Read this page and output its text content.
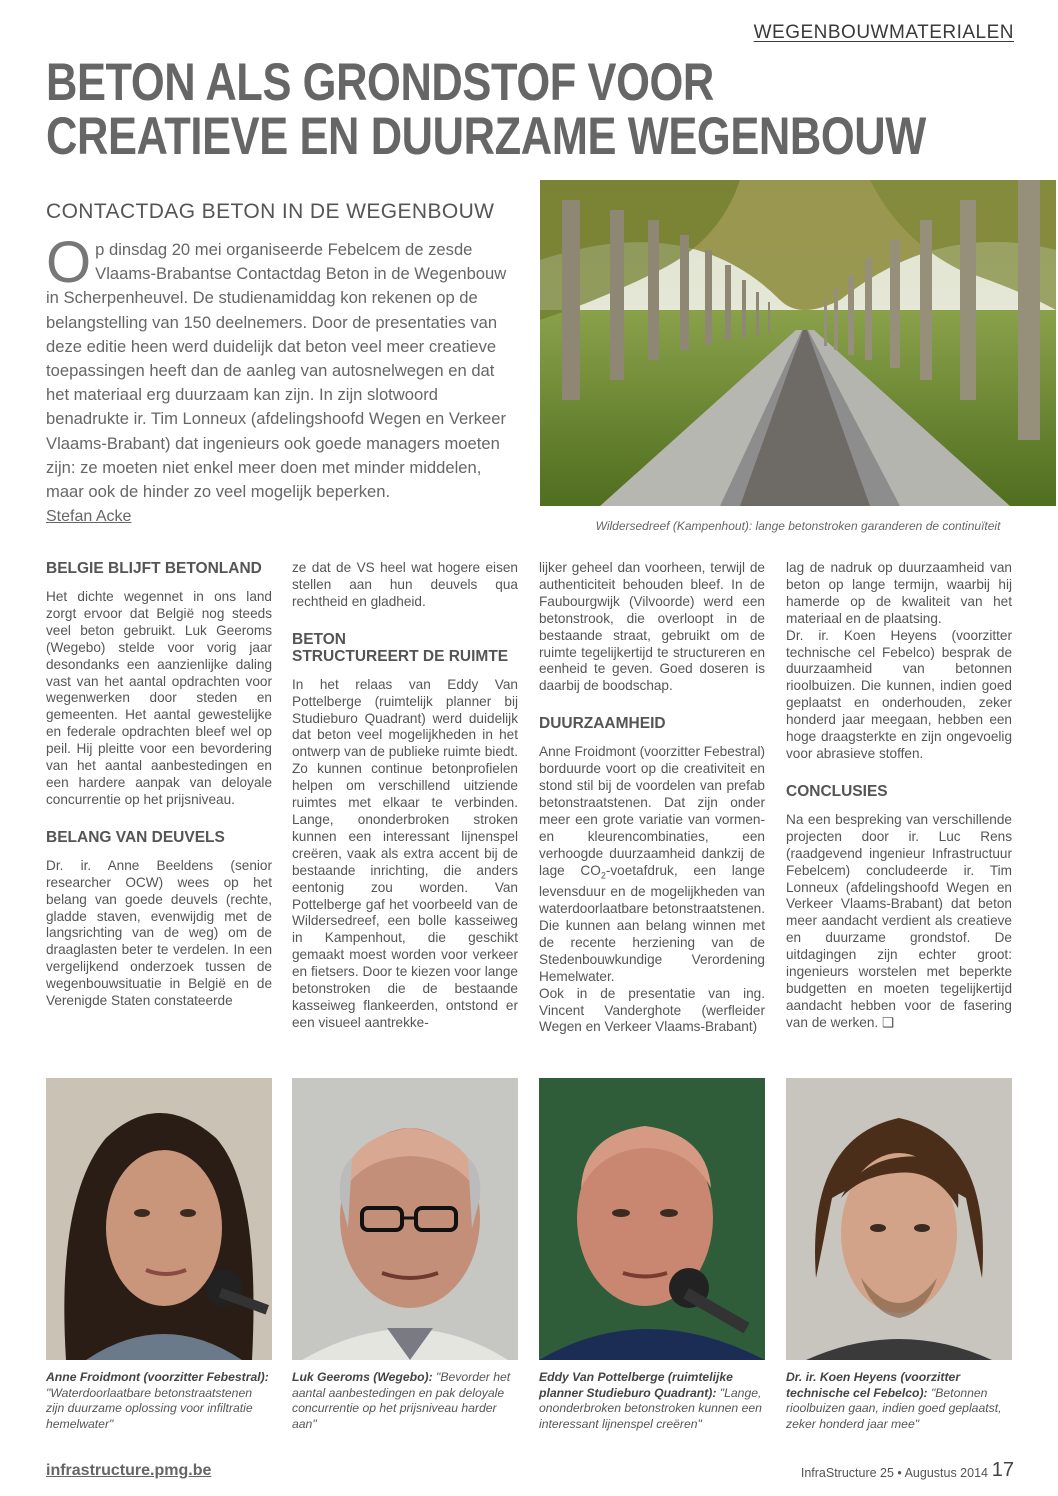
WEGENBOUWMATERIALEN
BETON ALS GRONDSTOF VOOR
CREATIEVE EN DUURZAME WEGENBOUW
CONTACTDAG BETON IN DE WEGENBOUW
Op dinsdag 20 mei organiseerde Febelcem de zesde Vlaams-Brabantse Contactdag Beton in de Wegenbouw in Scherpenheuvel. De studienamiddag kon rekenen op de belangstelling van 150 deelnemers. Door de presentaties van deze editie heen werd duidelijk dat beton veel meer creatieve toepassingen heeft dan de aanleg van autosnelwegen en dat het materiaal erg duurzaam kan zijn. In zijn slotwoord benadrukte ir. Tim Lonneux (afdelingshoofd Wegen en Verkeer Vlaams-Brabant) dat ingenieurs ook goede managers moeten zijn: ze moeten niet enkel meer doen met minder middelen, maar ook de hinder zo veel mogelijk beperken.
Stefan Acke
Wildersedreef (Kampenhout): lange betonstroken garanderen de continuïteit
BELGIE BLIJFT BETONLAND

Het dichte wegennet in ons land zorgt ervoor dat België nog steeds veel beton gebruikt. Luk Geeroms (Wegebo) stelde voor vorig jaar desondanks een aanzienlijke daling vast van het aantal opdrachten voor wegenwerken door steden en gemeenten. Het aantal gewestelijke en federale opdrachten bleef wel op peil. Hij pleitte voor een bevordering van het aantal aanbestedingen en een hardere aanpak van deloyale concurrentie op het prijsniveau.

BELANG VAN DEUVELS

Dr. ir. Anne Beeldens (senior researcher OCW) wees op het belang van goede deuvels (rechte, gladde staven, evenwijdig met de langsrichting van de weg) om de draaglasten beter te verdelen. In een vergelijkend onderzoek tussen de wegenbouwsituatie in België en de Verenigde Staten constateerde

ze dat de VS heel wat hogere eisen stellen aan hun deuvels qua rechtheid en gladheid.

BETON
STRUCTUREERT DE RUIMTE

In het relaas van Eddy Van Pottelberge (ruimtelijk planner bij Studieburo Quadrant) werd duidelijk dat beton veel mogelijkheden in het ontwerp van de publieke ruimte biedt. Zo kunnen continue betonprofielen helpen om verschillend uitziende ruimtes met elkaar te verbinden. Lange, ononderbroken stroken kunnen een interessant lijnenspel creëren, vaak als extra accent bij de bestaande inrichting, die anders eentonig zou worden. Van Pottelberge gaf het voorbeeld van de Wildersedreef, een bolle kasseiweg in Kampenhout, die geschikt gemaakt moest worden voor verkeer en fietsers. Door te kiezen voor lange betonstroken die de bestaande kasseiweg flankeerden, ontstond er een visueel aantrekke-

lijker geheel dan voorheen, terwijl de authenticiteit behouden bleef. In de Faubourgwijk (Vilvoorde) werd een betonstrook, die overloopt in de bestaande straat, gebruikt om de ruimte tegelijkertijd te structureren en eenheid te geven. Goed doseren is daarbij de boodschap.

DUURZAAMHEID

Anne Froidmont (voorzitter Febestral) borduurde voort op die creativiteit en stond stil bij de voordelen van prefab betonstraatstenen. Dat zijn onder meer een grote variatie van vormen- en kleurencombinaties, een verhoogde duurzaamheid dankzij de lage $CO_2$-voetafdruk, een lange levensduur en de mogelijkheden van waterdoorlaatbare betonstraatstenen. Die kunnen aan belang winnen met de recente herziening van de Stedenbouwkundige Verordening Hemelwater.

Ook in de presentatie van ing. Vincent Vanderghote (werfleider Wegen en Verkeer Vlaams-Brabant)

lag de nadruk op duurzaamheid van beton op lange termijn, waarbij hij hamerde op de kwaliteit van het materiaal en de plaatsing.

Dr. ir. Koen Heyens (voorzitter technische cel Febelco) besprak de duurzaamheid van betonnen rioolbuizen. Die kunnen, indien goed geplaatst en onderhouden, zeker honderd jaar meegaan, hebben een hoge draagsterkte en zijn ongevoelig voor abrasieve stoffen.

CONCLUSIES

Na een bespreking van verschillende projecten door ir. Luc Rens (raadgevend ingenieur Infrastructuur Febelcem) concludeerde ir. Tim Lonneux (afdelingshoofd Wegen en Verkeer Vlaams-Brabant) dat beton meer aandacht verdient als creatieve en duurzame grondstof. De uitdagingen zijn echter groot: ingenieurs worstelen met beperkte budgetten en moeten tegelijkertijd aandacht hebben voor de fasering van de werken. ❑

Anne Froidmont (voorzitter Febestral):
"Waterdoorlaatbare betonstraatstenen zijn duurzame oplossing voor infiltratie hemelwater"
Luk Geeroms (Wegebo): "Bevorder het aantal aanbestedingen en pak deloyale concurrentie op het prijsniveau harder aan"
Eddy Van Pottelberge (ruimtelijke planner Studieburo Quadrant): "Lange, ononderbroken betonstroken kunnen een interessant lijnenspel creëren"
Dr. ir. Koen Heyens (voorzitter technische cel Febelco): "Betonnen rioolbuizen gaan, indien goed geplaatst, zeker honderd jaar mee"
infrastructure.pmg.be	InfraStructure 25 • Augustus 2014 17
